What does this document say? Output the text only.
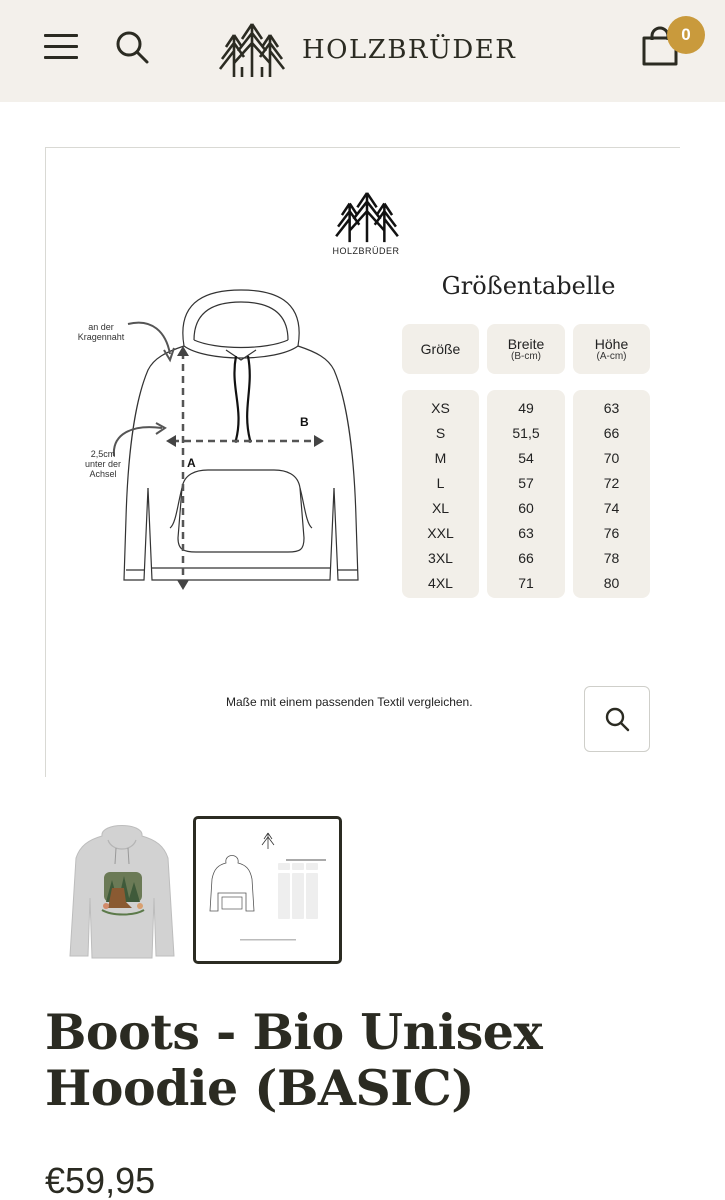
HOLZBRÜDER
0
HOLZBRÜDER
Größentabelle
A
B
an der
Kragennaht
2,5cm
unter der
Achsel
Größe	Breite
(B-cm)
Höhe
(A-cm)
XS
S
M
L
XL
XXL
3XL
4XL
49
51,5
54
57
60
63
66
71
63
66
70
72
74
76
78
80
Maße mit einem passenden Textil vergleichen.
Boots - Bio Unisex Hoodie (BASIC)
€59,95
